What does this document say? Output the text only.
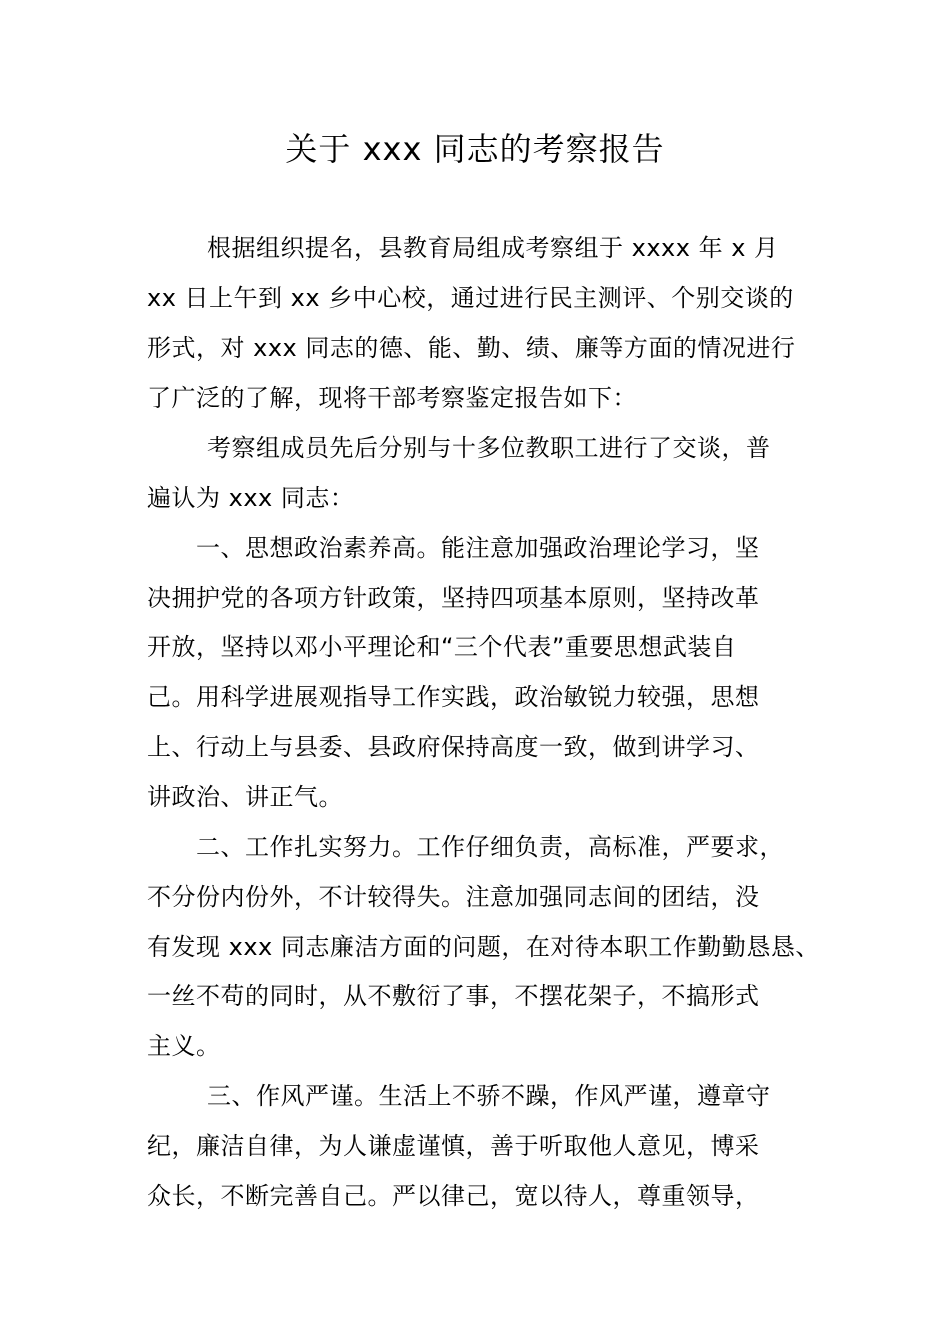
关于 xxx 同志的考察报告
根据组织提名，县教育局组成考察组于 xxxx 年 x 月
xx 日上午到 xx 乡中心校，通过进行民主测评、个别交谈的
形式，对 xxx 同志的德、能、勤、绩、廉等方面的情况进行
了广泛的了解，现将干部考察鉴定报告如下：
考察组成员先后分别与十多位教职工进行了交谈，普
遍认为 xxx 同志：
一、思想政治素养高。能注意加强政治理论学习，坚
决拥护党的各项方针政策，坚持四项基本原则，坚持改革
开放，坚持以邓小平理论和“三个代表”重要思想武装自
己。用科学进展观指导工作实践，政治敏锐力较强，思想
上、行动上与县委、县政府保持高度一致，做到讲学习、
讲政治、讲正气。
二、工作扎实努力。工作仔细负责，高标准，严要求，
不分份内份外，不计较得失。注意加强同志间的团结，没
有发现 xxx 同志廉洁方面的问题，在对待本职工作勤勤恳恳、
一丝不苟的同时，从不敷衍了事，不摆花架子，不搞形式
主义。
三、作风严谨。生活上不骄不躁，作风严谨，遵章守
纪，廉洁自律，为人谦虚谨慎，善于听取他人意见，博采
众长，不断完善自己。严以律己，宽以待人，尊重领导，
